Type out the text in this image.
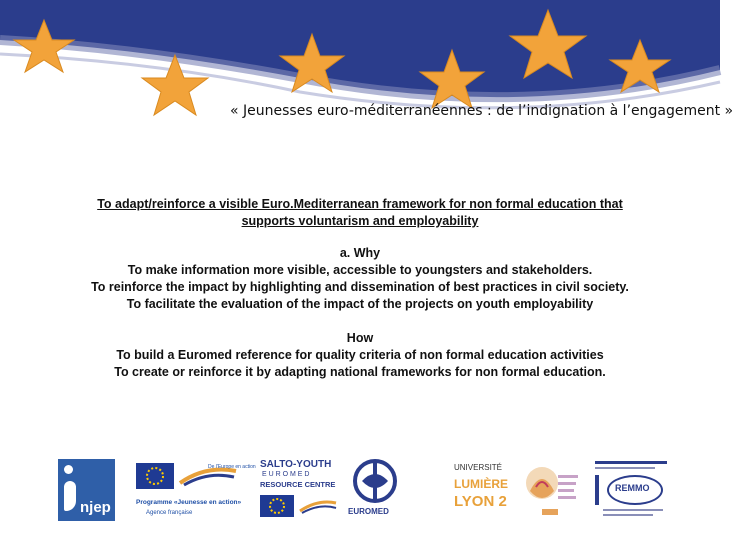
« Jeunesses euro-méditerranéennes : de l’indignation à l’engagement »
To adapt/reinforce a visible Euro.Mediterranean framework for non formal education that
supports voluntarism and employability
a. Why
To make information more visible, accessible to youngsters and stakeholders.
To reinforce the impact by highlighting and dissemination of best practices in civil society.
To facilitate the evaluation of the impact of the projects on youth employability
How
To build a Euromed reference for quality criteria of non formal education activities
To create or reinforce it by adapting national frameworks for non formal education.
njep
De l'Europe en action
Programme «Jeunesse en action»
Agence française
SALTO-YOUTH
E U R O M E D
RESOURCE CENTRE
EUROMED
UNIVERSITÉ
LUMIÈRE
LYON 2
REMMO
